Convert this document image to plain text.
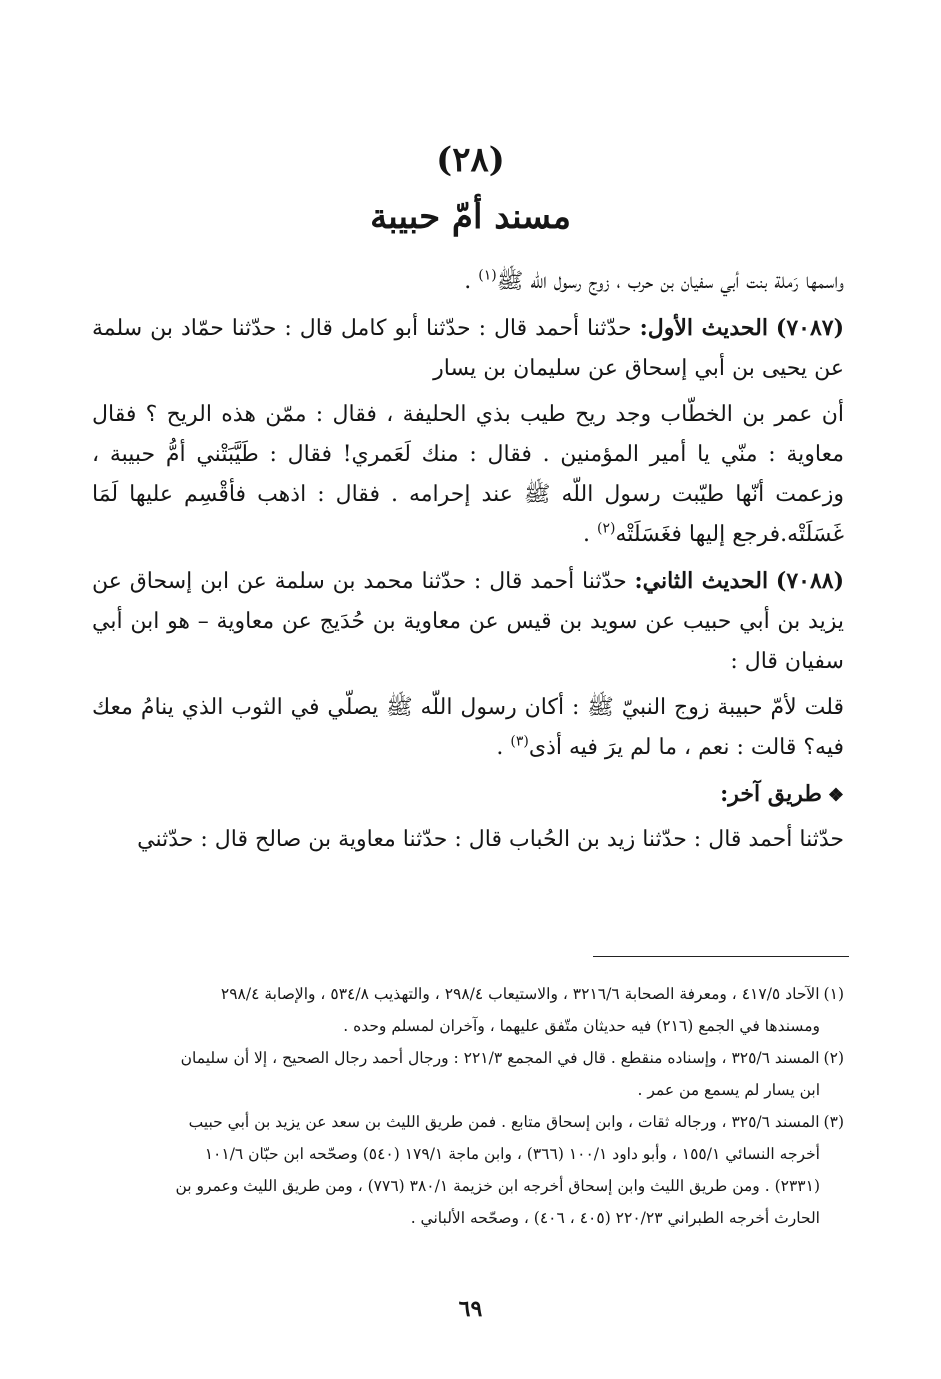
(٢٨)
مسند أمّ حبيبة

واسمها رَملة بنت أبي سفيان بن حرب ، زوج رسول اللّه ﷺ$^{(١)}$ .

(٧٠٨٧) الحديث الأول: حدّثنا أحمد قال : حدّثنا أبو كامل قال : حدّثنا حمّاد بن سلمة عن يحيى بن أبي إسحاق عن سليمان بن يسار

أن عمر بن الخطّاب وجد ريح طيب بذي الحليفة ، فقال : ممّن هذه الريح ؟ فقال معاوية : منّي يا أمير المؤمنين . فقال : منك لَعَمري! فقال : طَيَّبَتْني أمُّ حبيبة ، وزعمت أنّها طيّبت رسول اللّه ﷺ عند إحرامه . فقال : اذهب فأقْسِم عليها لَمَا غَسَلَتْه.فرجع إليها فغَسَلَتْه$^{(٢)}$ .

(٧٠٨٨) الحديث الثاني: حدّثنا أحمد قال : حدّثنا محمد بن سلمة عن ابن إسحاق عن يزيد بن أبي حبيب عن سويد بن قيس عن معاوية بن حُدَيج عن معاوية – هو ابن أبي سفيان قال :

قلت لأمّ حبيبة زوج النبيّ ﷺ : أكان رسول اللّه ﷺ يصلّي في الثوب الذي ينامُ معك فيه؟ قالت : نعم ، ما لم يرَ فيه أذى$^{(٣)}$ .

❖طريق آخر:

حدّثنا أحمد قال : حدّثنا زيد بن الحُباب قال : حدّثنا معاوية بن صالح قال : حدّثني

(١)الآحاد ٤١٧/٥ ، ومعرفة الصحابة ٣٢١٦/٦ ، والاستيعاب ٢٩٨/٤ ، والتهذيب ٥٣٤/٨ ، والإصابة ٢٩٨/٤
ومسندها في الجمع (٢١٦) فيه حديثان متّفق عليهما ، وآخران لمسلم وحده .
(٢)المسند ٣٢٥/٦ ، وإسناده منقطع . قال في المجمع ٢٢١/٣ : ورجال أحمد رجال الصحيح ، إلا أن سليمان
ابن يسار لم يسمع من عمر .
(٣)المسند ٣٢٥/٦ ، ورجاله ثقات ، وابن إسحاق متابع . فمن طريق الليث بن سعد عن يزيد بن أبي حبيب
أخرجه النسائي ١٥٥/١ ، وأبو داود ١٠٠/١ (٣٦٦) ، وابن ماجة ١٧٩/١ (٥٤٠) وصحّحه ابن حبّان ١٠١/٦
(٢٣٣١) . ومن طريق الليث وابن إسحاق أخرجه ابن خزيمة ٣٨٠/١ (٧٧٦) ، ومن طريق الليث وعمرو بن
الحارث أخرجه الطبراني ٢٢٠/٢٣ (٤٠٥ ، ٤٠٦) ، وصحّحه الألباني .
٦٩
